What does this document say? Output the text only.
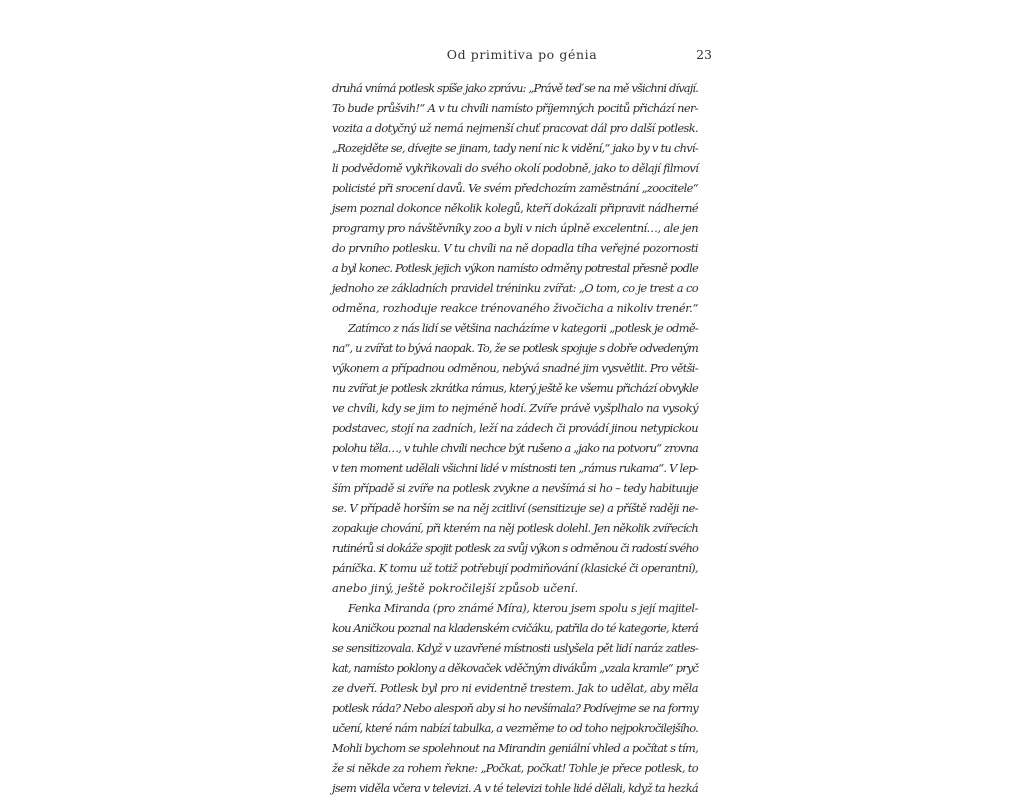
Od primitiva po génia	23
druhá vnímá potlesk spíše jako zprávu: „Právě teď se na mě všichni dívají.
To bude průšvih!“ A v tu chvíli namísto příjemných pocitů přichází ner-
vozita a dotyčný už nemá nejmenší chuť pracovat dál pro další potlesk.
„Rozejděte se, dívejte se jinam, tady není nic k vidění,“ jako by v tu chví-
li podvědomě vykřikovali do svého okolí podobně, jako to dělají filmoví
policisté při srocení davů. Ve svém předchozím zaměstnání „zoocitele“
jsem poznal dokonce několik kolegů, kteří dokázali připravit nádherné
programy pro návštěvníky zoo a byli v nich úplně excelentní…, ale jen
do prvního potlesku. V tu chvíli na ně dopadla tíha veřejné pozornosti
a byl konec. Potlesk jejich výkon namísto odměny potrestal přesně podle
jednoho ze základních pravidel tréninku zvířat: „O tom, co je trest a co
odměna, rozhoduje reakce trénovaného živočicha a nikoliv trenér.“
Zatímco z nás lidí se většina nacházíme v kategorii „potlesk je odmě-
na“, u zvířat to bývá naopak. To, že se potlesk spojuje s dobře odvedeným
výkonem a případnou odměnou, nebývá snadné jim vysvětlit. Pro větši-
nu zvířat je potlesk zkrátka rámus, který ještě ke všemu přichází obvykle
ve chvíli, kdy se jim to nejméně hodí. Zvíře právě vyšplhalo na vysoký
podstavec, stojí na zadních, leží na zádech či provádí jinou netypickou
polohu těla…, v tuhle chvíli nechce být rušeno a „jako na potvoru“ zrovna
v ten moment udělali všichni lidé v místnosti ten „rámus rukama“. V lep-
ším případě si zvíře na potlesk zvykne a nevšímá si ho – tedy habituuje
se. V případě horším se na něj zcitliví (sensitizuje se) a příště raději ne-
zopakuje chování, při kterém na něj potlesk dolehl. Jen několik zvířecích
rutinérů si dokáže spojit potlesk za svůj výkon s odměnou či radostí svého
páníčka. K tomu už totiž potřebují podmiňování (klasické či operantní),
anebo jiný, ještě pokročilejší způsob učení.
Fenka Miranda (pro známé Míra), kterou jsem spolu s její majitel-
kou Aničkou poznal na kladenském cvičáku, patřila do té kategorie, která
se sensitizovala. Když v uzavřené místnosti uslyšela pět lidí naráz zatles-
kat, namísto poklony a děkovaček vděčným divákům „vzala kramle“ pryč
ze dveří. Potlesk byl pro ni evidentně trestem. Jak to udělat, aby měla
potlesk ráda? Nebo alespoň aby si ho nevšímala? Podívejme se na formy
učení, které nám nabízí tabulka, a vezměme to od toho nejpokročilejšího.
Mohli bychom se spolehnout na Mirandin geniální vhled a počítat s tím,
že si někde za rohem řekne: „Počkat, počkat! Tohle je přece potlesk, to
jsem viděla včera v televizi. A v té televizi tohle lidé dělali, když ta hezká
